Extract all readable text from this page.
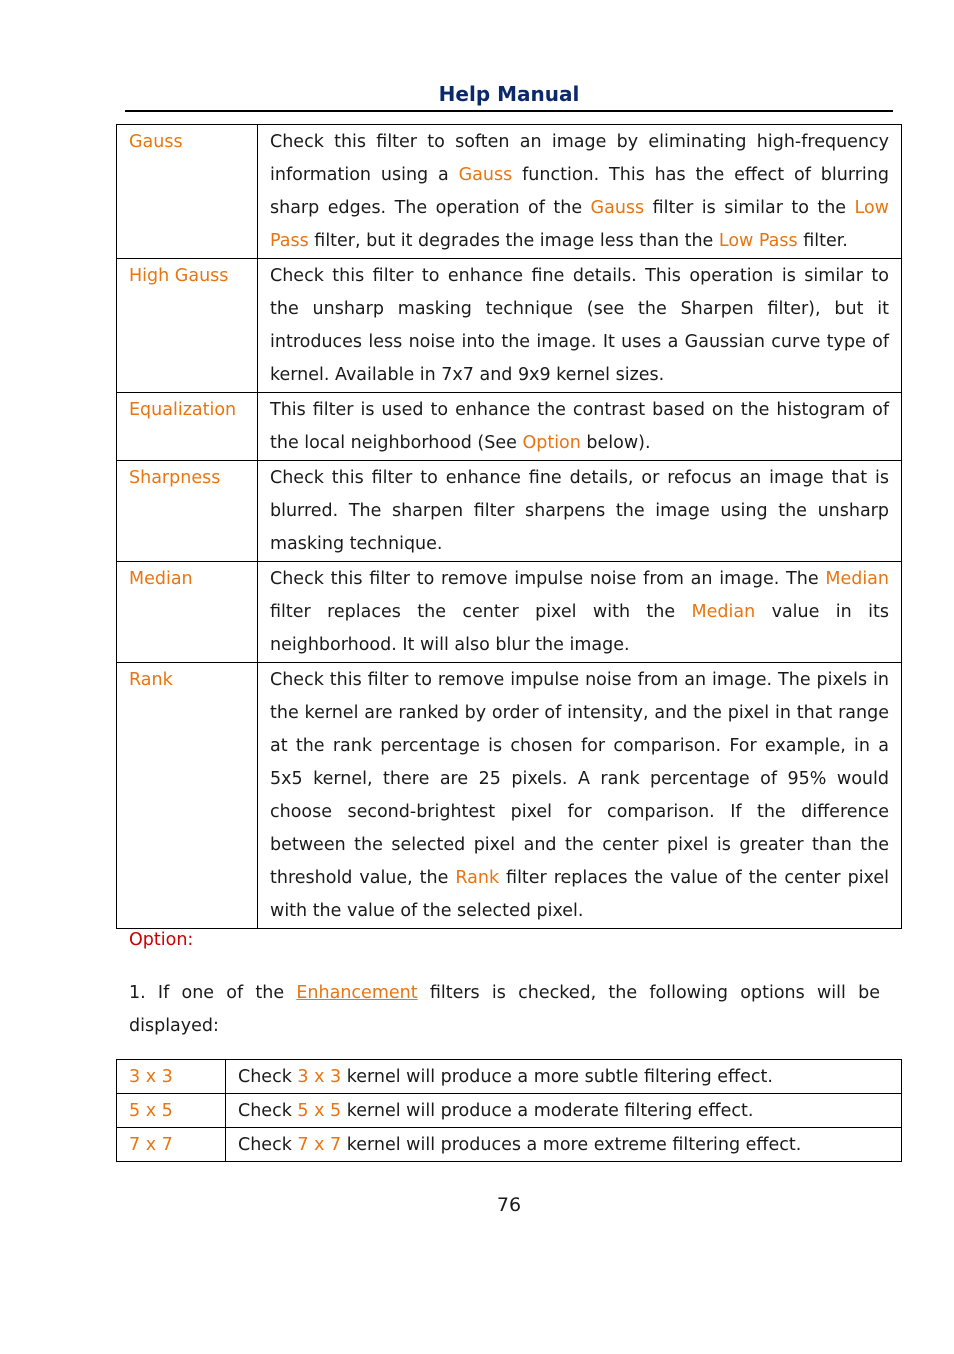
Help Manual
Gauss	Check this filter to soften an image by eliminating high-frequency information using a Gauss function. This has the effect of blurring sharp edges. The operation of the Gauss filter is similar to the Low Pass filter, but it degrades the image less than the Low Pass filter.
High Gauss	Check this filter to enhance fine details. This operation is similar to the unsharp masking technique (see the Sharpen filter), but it introduces less noise into the image. It uses a Gaussian curve type of kernel. Available in 7x7 and 9x9 kernel sizes.
Equalization	This filter is used to enhance the contrast based on the histogram of the local neighborhood (See Option below).
Sharpness	Check this filter to enhance fine details, or refocus an image that is blurred. The sharpen filter sharpens the image using the unsharp masking technique.
Median	Check this filter to remove impulse noise from an image. The Median filter replaces the center pixel with the Median value in its neighborhood. It will also blur the image.
Rank	Check this filter to remove impulse noise from an image. The pixels in the kernel are ranked by order of intensity, and the pixel in that range at the rank percentage is chosen for comparison. For example, in a 5x5 kernel, there are 25 pixels. A rank percentage of 95% would choose second-brightest pixel for comparison. If the difference between the selected pixel and the center pixel is greater than the threshold value, the Rank filter replaces the value of the center pixel with the value of the selected pixel.
Option:
1. If one of the Enhancement filters is checked, the following options will be displayed:
3 x 3	Check 3 x 3 kernel will produce a more subtle filtering effect.
5 x 5	Check 5 x 5 kernel will produce a moderate filtering effect.
7 x 7	Check 7 x 7 kernel will produces a more extreme filtering effect.
76
